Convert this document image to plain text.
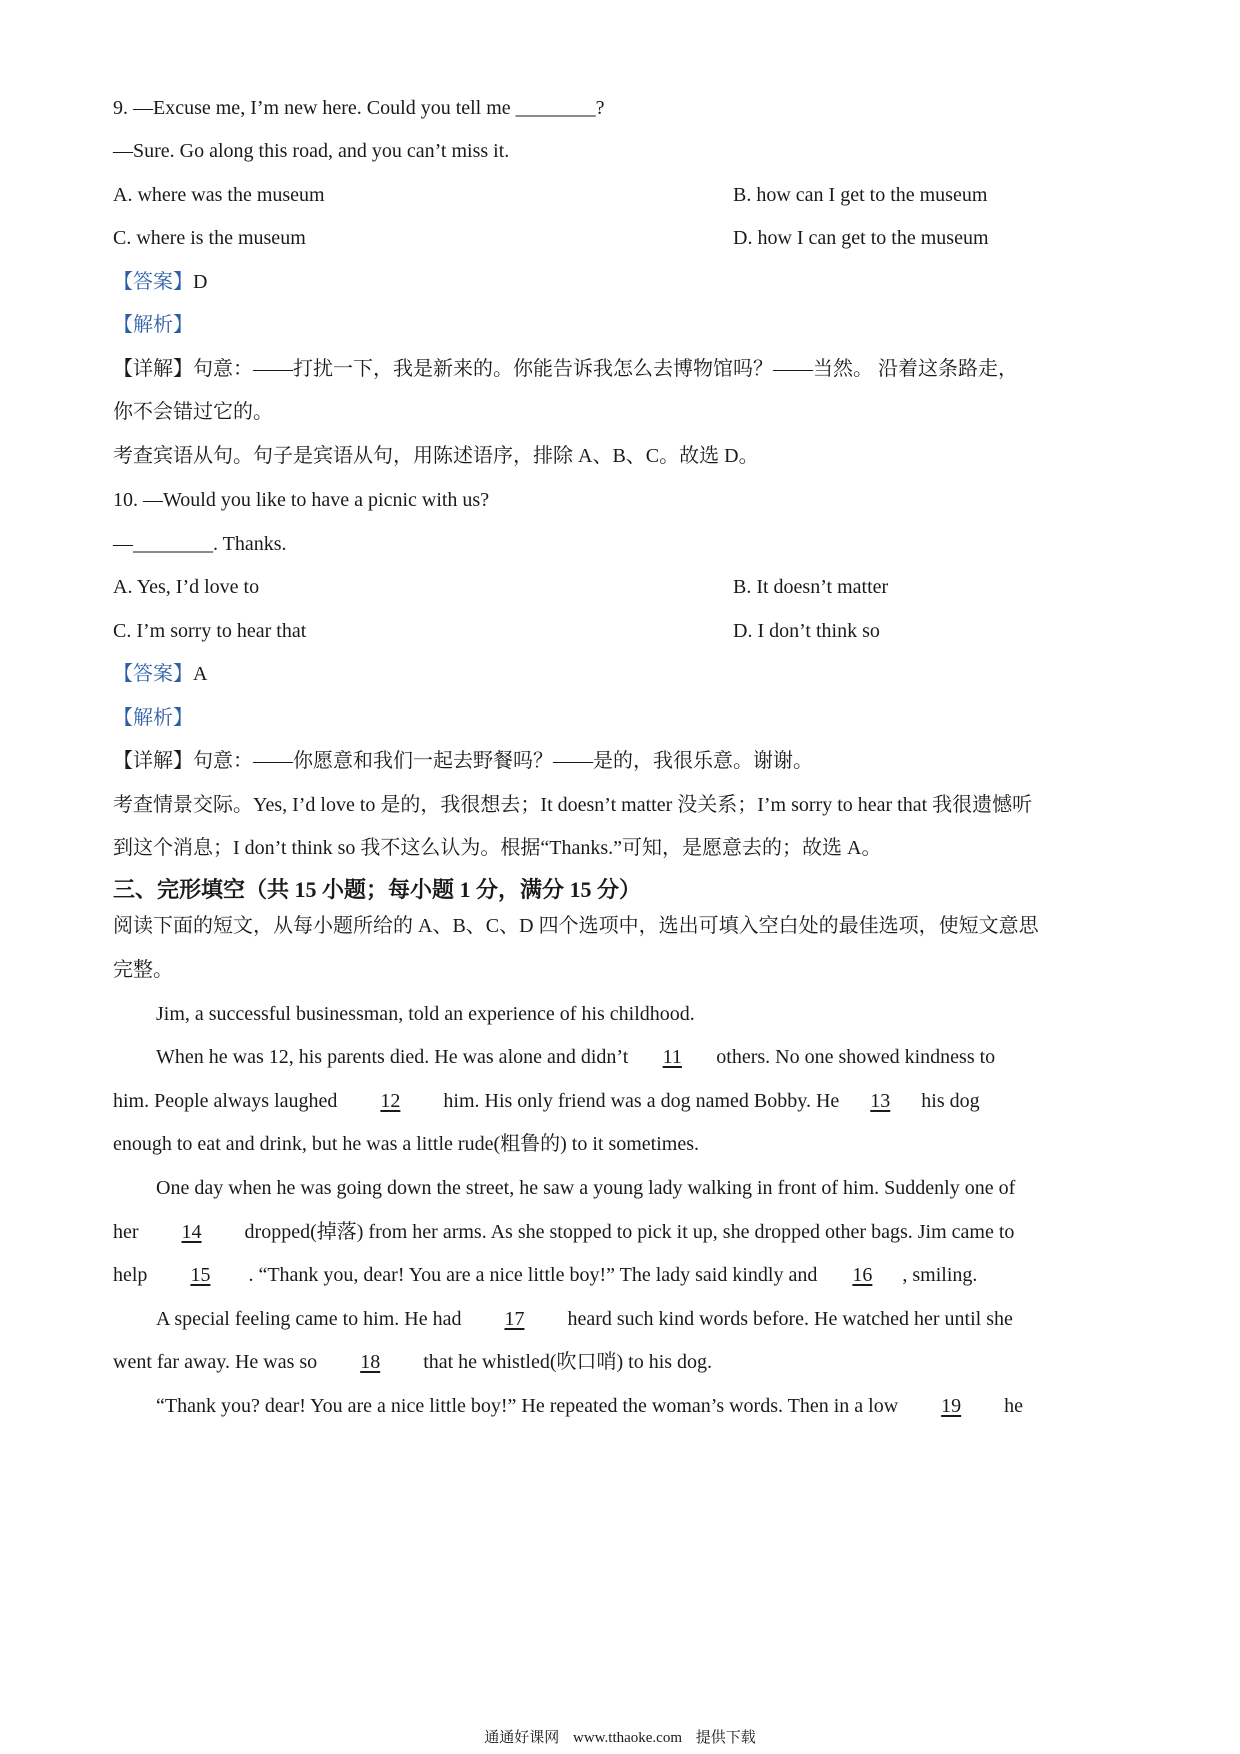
9. —Excuse me, I’m new here. Could you tell me ________?
—Sure. Go along this road, and you can’t miss it.
A. where was the museum	B. how can I get to the museum
C. where is the museum	D. how I can get to the museum
【答案】D
【解析】
【详解】句意：——打扰一下，我是新来的。你能告诉我怎么去博物馆吗？——当然。 沿着这条路走，
你不会错过它的。
考查宾语从句。句子是宾语从句，用陈述语序，排除 A、B、C。故选 D。
10. —Would you like to have a picnic with us?
—________. Thanks.
A. Yes, I’d love to	B. It doesn’t matter
C. I’m sorry to hear that	D. I don’t think so
【答案】A
【解析】
【详解】句意：——你愿意和我们一起去野餐吗？——是的，我很乐意。谢谢。
考查情景交际。Yes, I’d love to 是的，我很想去；It doesn’t matter 没关系；I’m sorry to hear that 我很遗憾听
到这个消息；I don’t think so 我不这么认为。根据“Thanks.”可知，是愿意去的；故选 A。
三、完形填空（共 15 小题；每小题 1 分，满分 15 分）
阅读下面的短文，从每小题所给的 A、B、C、D 四个选项中，选出可填入空白处的最佳选项，使短文意思
完整。
Jim, a successful businessman, told an experience of his childhood.
When he was 12, his parents died. He was alone and didn’t 11 others. No one showed kindness to
him. People always laughed 12 him. His only friend was a dog named Bobby. He 13 his dog
enough to eat and drink, but he was a little rude(粗鲁的) to it sometimes.
One day when he was going down the street, he saw a young lady walking in front of him. Suddenly one of
her 14 dropped(掉落) from her arms. As she stopped to pick it up, she dropped other bags. Jim came to
help 15 . “Thank you, dear! You are a nice little boy!” The lady said kindly and 16 , smiling.
A special feeling came to him. He had 17 heard such kind words before. He watched her until she
went far away. He was so 18 that he whistled(吹口哨) to his dog.
“Thank you? dear! You are a nice little boy!” He repeated the woman’s words. Then in a low 19 he
通通好课网 www.tthaoke.com 提供下载
